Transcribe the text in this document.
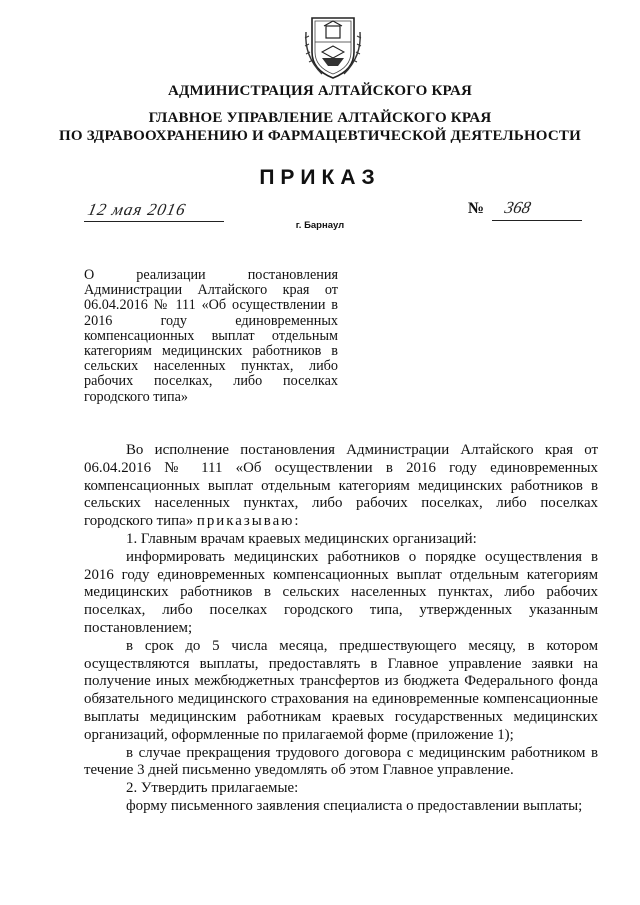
АДМИНИСТРАЦИЯ АЛТАЙСКОГО КРАЯ
ГЛАВНОЕ УПРАВЛЕНИЕ АЛТАЙСКОГО КРАЯ
ПО ЗДРАВООХРАНЕНИЮ И ФАРМАЦЕВТИЧЕСКОЙ ДЕЯТЕЛЬНОСТИ
ПРИКАЗ
12 мая 2016	№ 368
г. Барнаул
О реализации постановления Администрации Алтайского края от 06.04.2016 № 111 «Об осуществлении в 2016 году единовременных компенсационных выплат отдельным категориям медицинских работников в сельских населенных пунктах, либо рабочих поселках, либо поселках городского типа»

Во исполнение постановления Администрации Алтайского края от 06.04.2016 № 111 «Об осуществлении в 2016 году единовременных компенсационных выплат отдельным категориям медицинских работников в сельских населенных пунктах, либо рабочих поселках, либо поселках городского типа» приказываю:

1. Главным врачам краевых медицинских организаций:

информировать медицинских работников о порядке осуществления в 2016 году единовременных компенсационных выплат отдельным категориям медицинских работников в сельских населенных пунктах, либо рабочих поселках, либо поселках городского типа, утвержденных указанным постановлением;

в срок до 5 числа месяца, предшествующего месяцу, в котором осуществляются выплаты, предоставлять в Главное управление заявки на получение иных межбюджетных трансфертов из бюджета Федерального фонда обязательного медицинского страхования на единовременные компенсационные выплаты медицинским работникам краевых государственных медицинских организаций, оформленные по прилагаемой форме (приложение 1);

в случае прекращения трудового договора с медицинским работником в течение 3 дней письменно уведомлять об этом Главное управление.

2. Утвердить прилагаемые:

форму письменного заявления специалиста о предоставлении выплаты;
